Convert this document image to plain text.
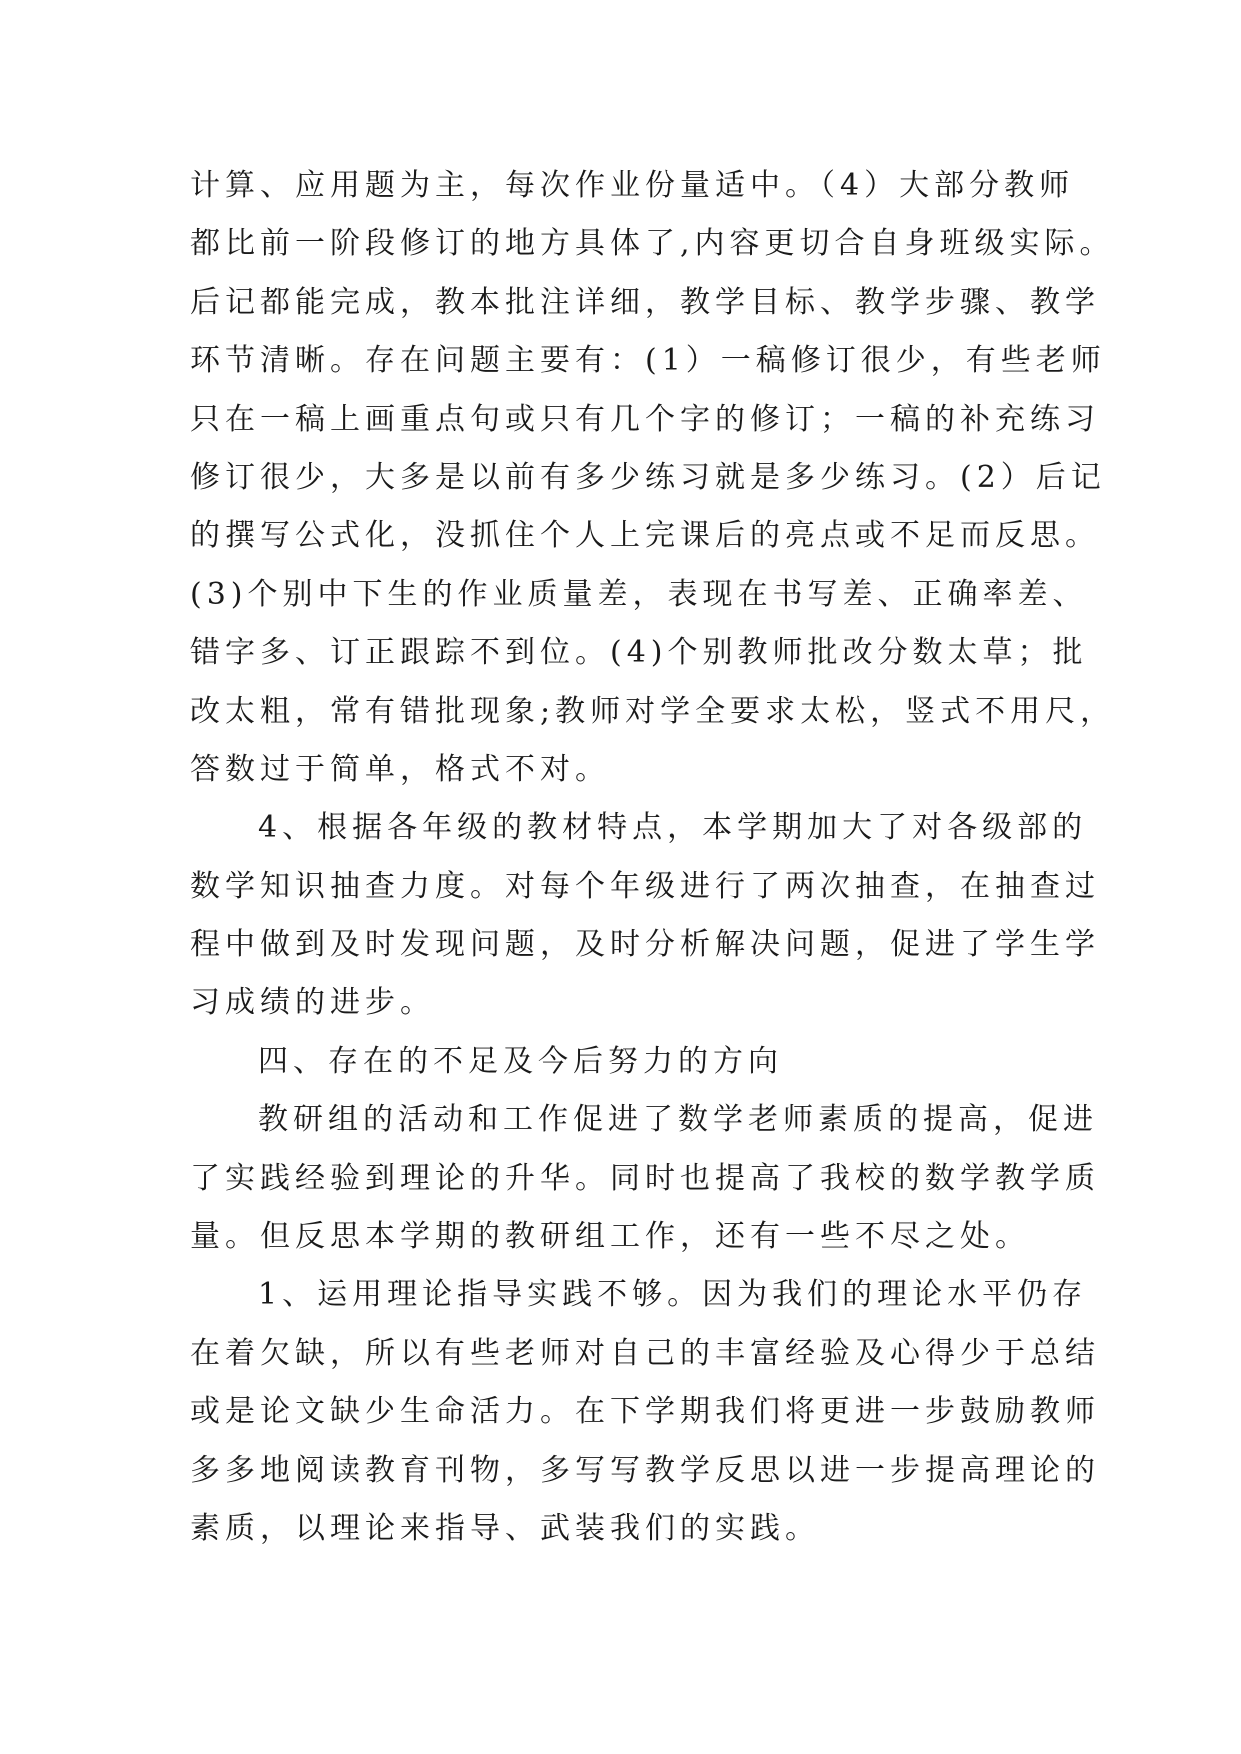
计算、应用题为主，每次作业份量适中。（4）大部分教师
都比前一阶段修订的地方具体了,内容更切合自身班级实际。
后记都能完成，教本批注详细，教学目标、教学步骤、教学
环节清晰。存在问题主要有：(1）一稿修订很少，有些老师
只在一稿上画重点句或只有几个字的修订；一稿的补充练习
修订很少，大多是以前有多少练习就是多少练习。(2）后记
的撰写公式化，没抓住个人上完课后的亮点或不足而反思。
(3)个别中下生的作业质量差，表现在书写差、正确率差、
错字多、订正跟踪不到位。(4)个别教师批改分数太草；批
改太粗，常有错批现象;教师对学全要求太松，竖式不用尺，
答数过于简单，格式不对。
4、根据各年级的教材特点，本学期加大了对各级部的
数学知识抽查力度。对每个年级进行了两次抽查，在抽查过
程中做到及时发现问题，及时分析解决问题，促进了学生学
习成绩的进步。
四、存在的不足及今后努力的方向
教研组的活动和工作促进了数学老师素质的提高，促进
了实践经验到理论的升华。同时也提高了我校的数学教学质
量。但反思本学期的教研组工作，还有一些不尽之处。
1、运用理论指导实践不够。因为我们的理论水平仍存
在着欠缺，所以有些老师对自己的丰富经验及心得少于总结
或是论文缺少生命活力。在下学期我们将更进一步鼓励教师
多多地阅读教育刊物，多写写教学反思以进一步提高理论的
素质，以理论来指导、武装我们的实践。
